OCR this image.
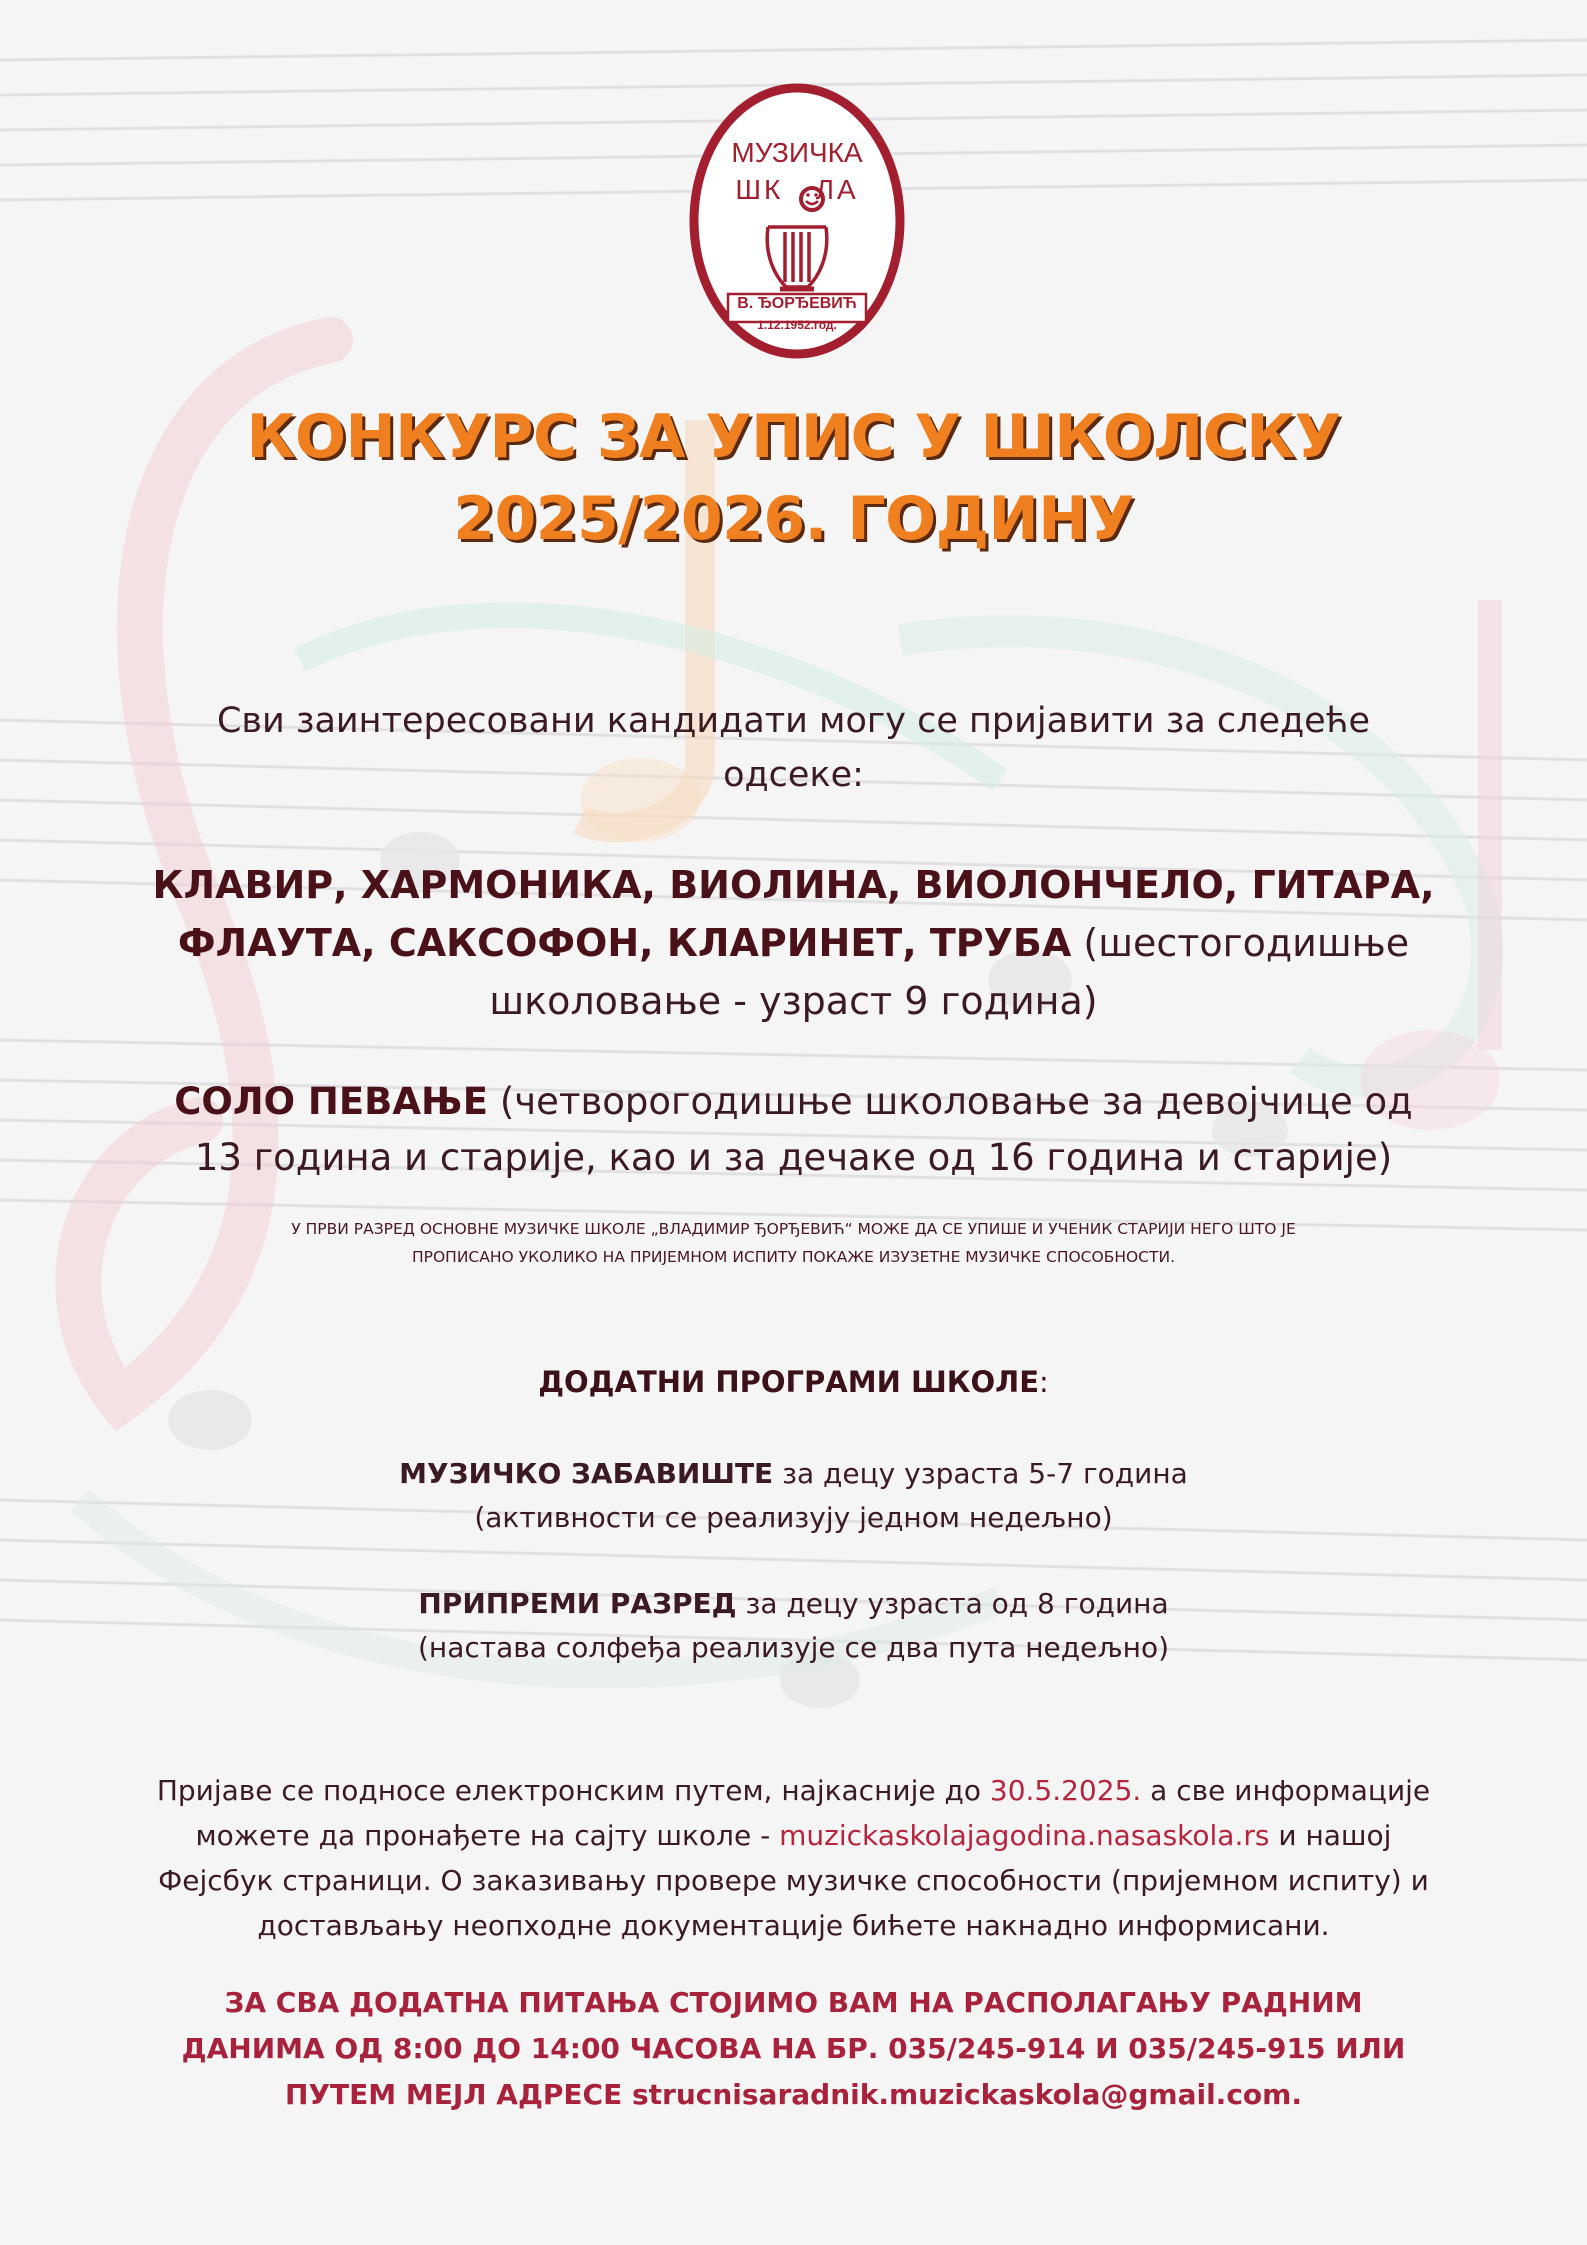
МУЗИЧКА
ШК   ЛА
В. ЂОРЂЕВИЋ
1.12.1952.год.
КОНКУРС ЗА УПИС У ШКОЛСКУ
2025/2026. ГОДИНУ
Сви заинтересовани кандидати могу се пријавити за следеће
одсеке:
КЛАВИР, ХАРМОНИКА, ВИОЛИНА, ВИОЛОНЧЕЛО, ГИТАРА,
ФЛАУТА, САКСОФОН, КЛАРИНЕТ, ТРУБА (шестогодишње
школовање - узраст 9 година)
СОЛО ПЕВАЊЕ (четворогодишње школовање за девојчице од
13 година и старије, као и за дечаке од 16 година и старије)
У ПРВИ РАЗРЕД ОСНОВНЕ МУЗИЧКЕ ШКОЛЕ „ВЛАДИМИР ЂОРЂЕВИЋ“ МОЖЕ ДА СЕ УПИШЕ И УЧЕНИК СТАРИЈИ НЕГО ШТО ЈЕ
ПРОПИСАНО УКОЛИКО НА ПРИЈЕМНОМ ИСПИТУ ПОКАЖЕ ИЗУЗЕТНЕ МУЗИЧКЕ СПОСОБНОСТИ.
ДОДАТНИ ПРОГРАМИ ШКОЛЕ:
МУЗИЧКО ЗАБАВИШТЕ за децу узраста 5-7 година
(активности се реализују једном недељно)
ПРИПРЕМИ РАЗРЕД за децу узраста од 8 година
(настава солфеђа реализује се два пута недељно)
Пријаве се подносе електронским путем, најкасније до 30.5.2025. а све информације
можете да пронађете на сајту школе - muzickaskolajagodina.nasaskola.rs и нашој
Фејсбук страници. О заказивању провере музичке способности (пријемном испиту) и
достављању неопходне документације бићете накнадно информисани.
ЗА СВА ДОДАТНА ПИТАЊА СТОЈИМО ВАМ НА РАСПОЛАГАЊУ РАДНИМ
ДАНИМА ОД 8:00 ДО 14:00 ЧАСОВА НА БР. 035/245-914 И 035/245-915 ИЛИ
ПУТЕМ МЕЈЛ АДРЕСЕ strucnisaradnik.muzickaskola@gmail.com.
